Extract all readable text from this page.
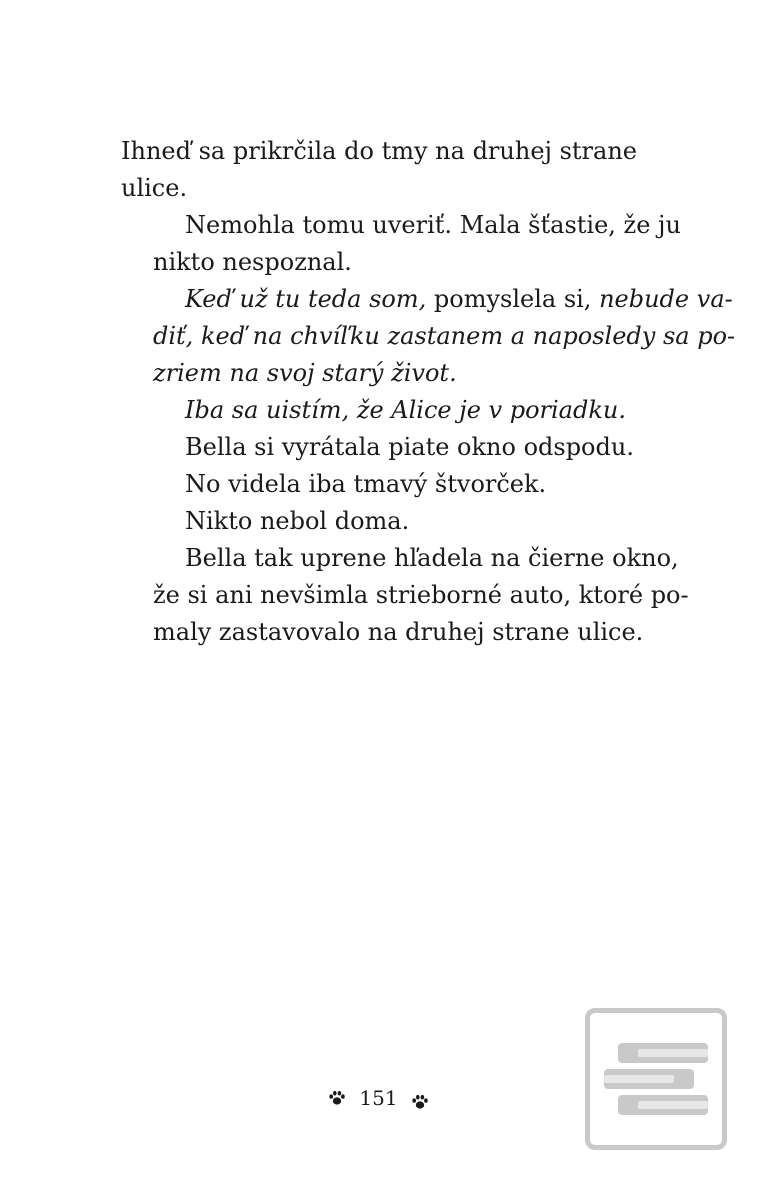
Ihneď sa prikrčila do tmy na druhej strane
ulice.
Nemohla tomu uveriť. Mala šťastie, že ju
nikto nespoznal.
Keď už tu teda som, pomyslela si, nebude va-
diť, keď na chvíľku zastanem a naposledy sa po-
zriem na svoj starý život.
Iba sa uistím, že Alice je v poriadku.
Bella si vyrátala piate okno odspodu.
No videla iba tmavý štvorček.
Nikto nebol doma.
Bella tak uprene hľadela na čierne okno,
že si ani nevšimla strieborné auto, ktoré po-
maly zastavovalo na druhej strane ulice.
151
